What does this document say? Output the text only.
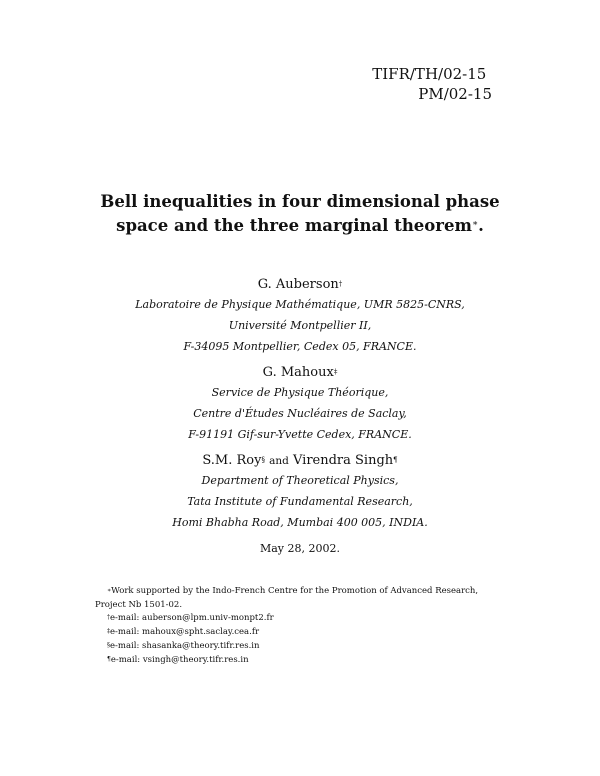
TIFR/TH/02-15
PM/02-15
Bell inequalities in four dimensional phase
space and the three marginal theorem∗.
G. Auberson†
Laboratoire de Physique Mathématique, UMR 5825-CNRS,
Université Montpellier II,
F-34095 Montpellier, Cedex 05, FRANCE.
G. Mahoux‡
Service de Physique Théorique,
Centre d'Études Nucléaires de Saclay,
F-91191 Gif-sur-Yvette Cedex, FRANCE.
S.M. Roy§ and Virendra Singh¶
Department of Theoretical Physics,
Tata Institute of Fundamental Research,
Homi Bhabha Road, Mumbai 400 005, INDIA.
May 28, 2002.
∗Work supported by the Indo-French Centre for the Promotion of Advanced Research,
Project Nb 1501-02.
†e-mail: auberson@lpm.univ-monpt2.fr
‡e-mail: mahoux@spht.saclay.cea.fr
§e-mail: shasanka@theory.tifr.res.in
¶e-mail: vsingh@theory.tifr.res.in
